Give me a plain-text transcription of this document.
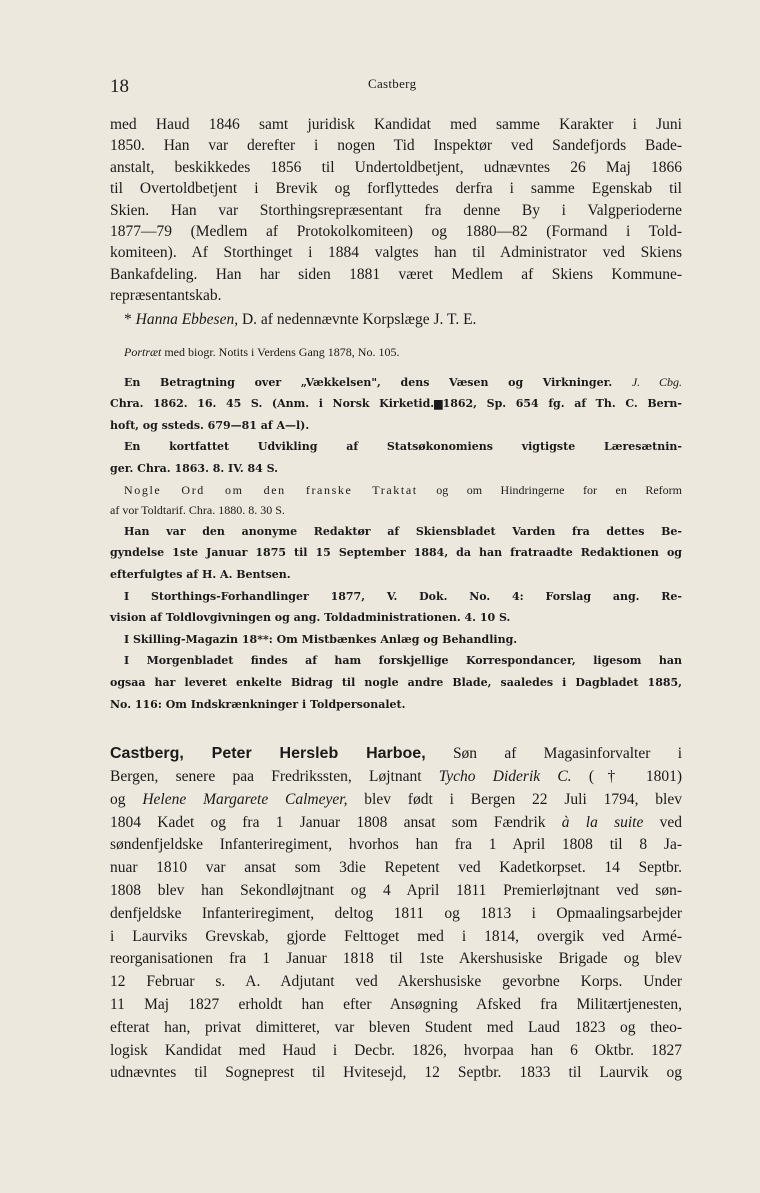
18	Castberg
med Haud 1846 samt juridisk Kandidat med samme Karakter i Juni
1850. Han var derefter i nogen Tid Inspektør ved Sandefjords Bade-
anstalt, beskikkedes 1856 til Undertoldbetjent, udnævntes 26 Maj 1866
til Overtoldbetjent i Brevik og forflyttedes derfra i samme Egenskab til
Skien. Han var Storthingsrepræsentant fra denne By i Valgperioderne
1877—79 (Medlem af Protokolkomiteen) og 1880—82 (Formand i Told-
komiteen). Af Storthinget i 1884 valgtes han til Administrator ved Skiens
Bankafdeling. Han har siden 1881 været Medlem af Skiens Kommune-
repræsentantskab.
* Hanna Ebbesen, D. af nedennævnte Korpslæge J. T. E.
Portræt med biogr. Notits i Verdens Gang 1878, No. 105.
En Betragtning over „Vækkelsen", dens Væsen og Virkninger. J. Cbg.
Chra. 1862. 16. 45 S. (Anm. i Norsk Kirketid.▆1862, Sp. 654 fg. af Th. C. Bern-
hoft, og ssteds. 679—81 af A—l).
En kortfattet Udvikling af Statsøkonomiens vigtigste Læresætnin-
ger. Chra. 1863. 8. IV. 84 S.
Nogle Ord om den franske Traktat og om Hindringerne for en Reform
af vor Toldtarif. Chra. 1880. 8. 30 S.
Han var den anonyme Redaktør af Skiensbladet Varden fra dettes Be-
gyndelse 1ste Januar 1875 til 15 September 1884, da han fratraadte Redaktionen og
efterfulgtes af H. A. Bentsen.
I Storthings-Forhandlinger 1877, V. Dok. No. 4: Forslag ang. Re-
vision af Toldlovgivningen og ang. Toldadministrationen. 4. 10 S.
I Skilling-Magazin 18**: Om Mistbænkes Anlæg og Behandling.
I Morgenbladet findes af ham forskjellige Korrespondancer, ligesom han
ogsaa har leveret enkelte Bidrag til nogle andre Blade, saaledes i Dagbladet 1885,
No. 116: Om Indskrænkninger i Toldpersonalet.
Castberg, Peter Hersleb Harboe, Søn af Magasinforvalter i
Bergen, senere paa Fredrikssten, Løjtnant Tycho Diderik C. († 1801)
og Helene Margarete Calmeyer, blev født i Bergen 22 Juli 1794, blev
1804 Kadet og fra 1 Januar 1808 ansat som Fændrik à la suite ved
søndenfjeldske Infanteriregiment, hvorhos han fra 1 April 1808 til 8 Ja-
nuar 1810 var ansat som 3die Repetent ved Kadetkorpset. 14 Septbr.
1808 blev han Sekondløjtnant og 4 April 1811 Premierløjtnant ved søn-
denfjeldske Infanteriregiment, deltog 1811 og 1813 i Opmaalingsarbejder
i Laurviks Grevskab, gjorde Felttoget med i 1814, overgik ved Armé-
reorganisationen fra 1 Januar 1818 til 1ste Akershusiske Brigade og blev
12 Februar s. A. Adjutant ved Akershusiske gevorbne Korps. Under
11 Maj 1827 erholdt han efter Ansøgning Afsked fra Militærtjenesten,
efterat han, privat dimitteret, var bleven Student med Laud 1823 og theo-
logisk Kandidat med Haud i Decbr. 1826, hvorpaa han 6 Oktbr. 1827
udnævntes til Sogneprest til Hvitesejd, 12 Septbr. 1833 til Laurvik og
